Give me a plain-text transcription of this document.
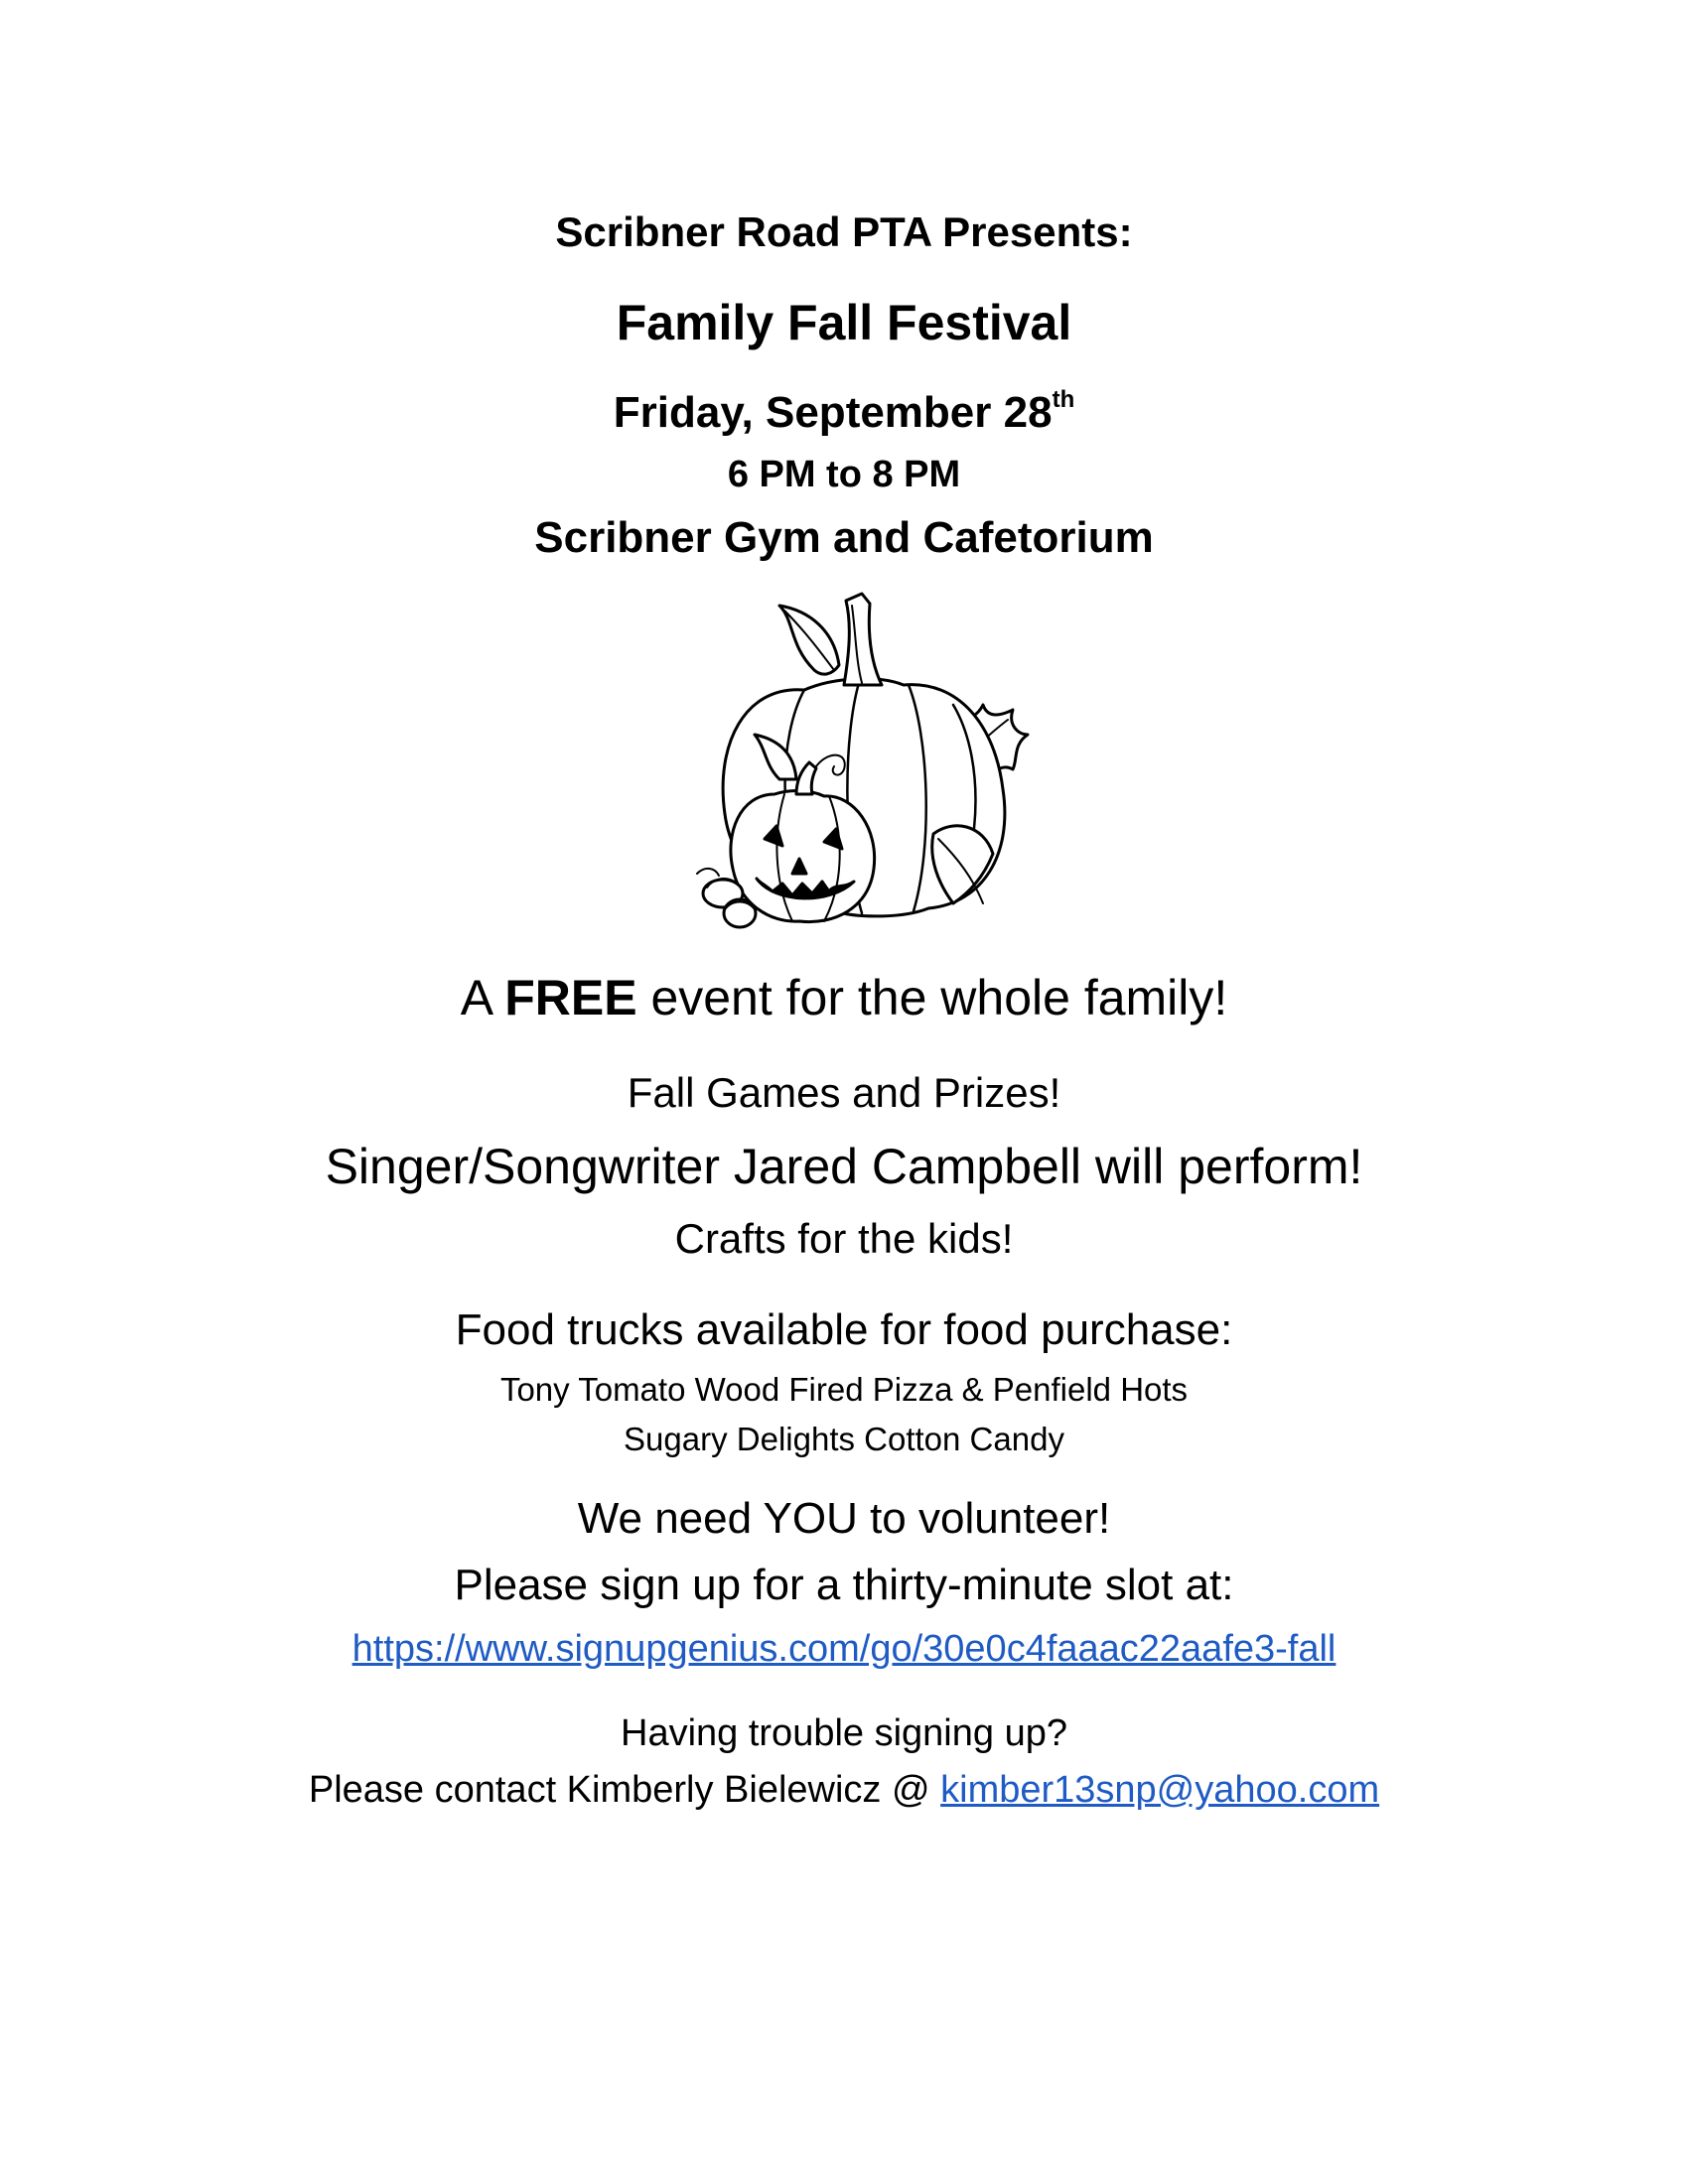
Scribner Road PTA Presents:
Family Fall Festival
Friday, September 28th
6 PM to 8 PM
Scribner Gym and Cafetorium
A FREE event for the whole family!
Fall Games and Prizes!
Singer/Songwriter Jared Campbell will perform!
Crafts for the kids!
Food trucks available for food purchase:
Tony Tomato Wood Fired Pizza & Penfield Hots
Sugary Delights Cotton Candy
We need YOU to volunteer!
Please sign up for a thirty-minute slot at:
https://www.signupgenius.com/go/30e0c4faaac22aafe3-fall
Having trouble signing up?
Please contact Kimberly Bielewicz @ kimber13snp@yahoo.com
